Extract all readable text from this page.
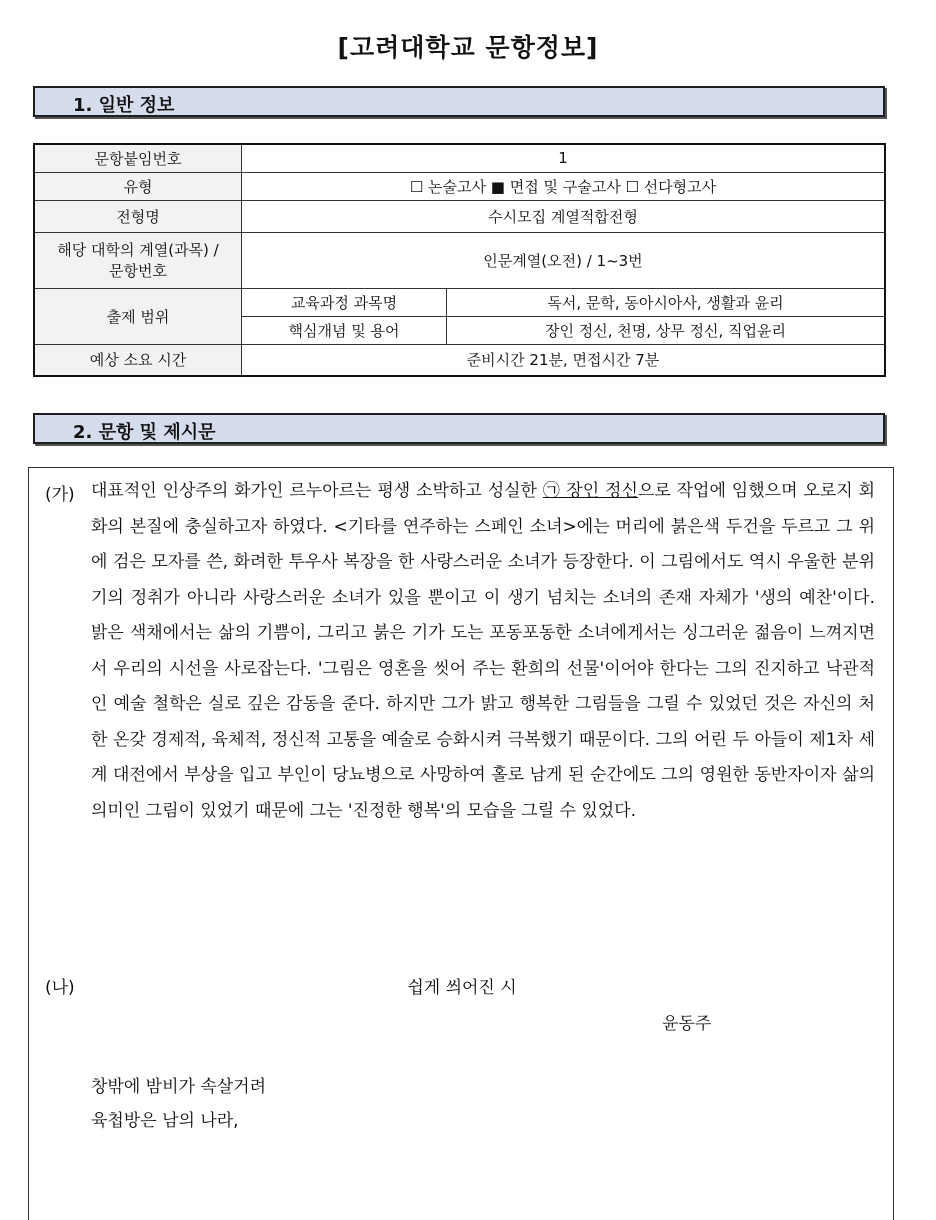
[고려대학교 문항정보]
1. 일반 정보
문항붙임번호	1	
유형	☐ 논술고사 ■ 면접 및 구술고사 ☐ 선다형고사	
전형명	수시모집 계열적합전형	

해당 대학의 계열(과목) /
문항번호	인문계열(오전) / 1~3번	
출제 범위	교육과정 과목명	독서, 문학, 동아시아사, 생활과 윤리
	핵심개념 및 용어	장인 정신, 천명, 상무 정신, 직업윤리
예상 소요 시간	준비시간 21분, 면접시간 7분	
2. 문항 및 제시문
(가) 대표적인 인상주의 화가인 르누아르는 평생 소박하고 성실한 ㉠ 장인 정신으로 작업에 임했으며 오로지 회화의 본질에 충실하고자 하였다. <기타를 연주하는 스페인 소녀>에는 머리에 붉은색 두건을 두르고 그 위에 검은 모자를 쓴, 화려한 투우사 복장을 한 사랑스러운 소녀가 등장한다. 이 그림에서도 역시 우울한 분위기의 정취가 아니라 사랑스러운 소녀가 있을 뿐이고 이 생기 넘치는 소녀의 존재 자체가 '생의 예찬'이다. 밝은 색채에서는 삶의 기쁨이, 그리고 붉은 기가 도는 포동포동한 소녀에게서는 싱그러운 젊음이 느껴지면서 우리의 시선을 사로잡는다. '그림은 영혼을 씻어 주는 환희의 선물'이어야 한다는 그의 진지하고 낙관적인 예술 철학은 실로 깊은 감동을 준다. 하지만 그가 밝고 행복한 그림들을 그릴 수 있었던 것은 자신의 처한 온갖 경제적, 육체적, 정신적 고통을 예술로 승화시켜 극복했기 때문이다. 그의 어린 두 아들이 제1차 세계 대전에서 부상을 입고 부인이 당뇨병으로 사망하여 홀로 남게 된 순간에도 그의 영원한 동반자이자 삶의 의미인 그림이 있었기 때문에 그는 '진정한 행복'의 모습을 그릴 수 있었다.
(나)	쉽게 씌어진 시
윤동주
창밖에 밤비가 속살거려
육첩방은 남의 나라,
